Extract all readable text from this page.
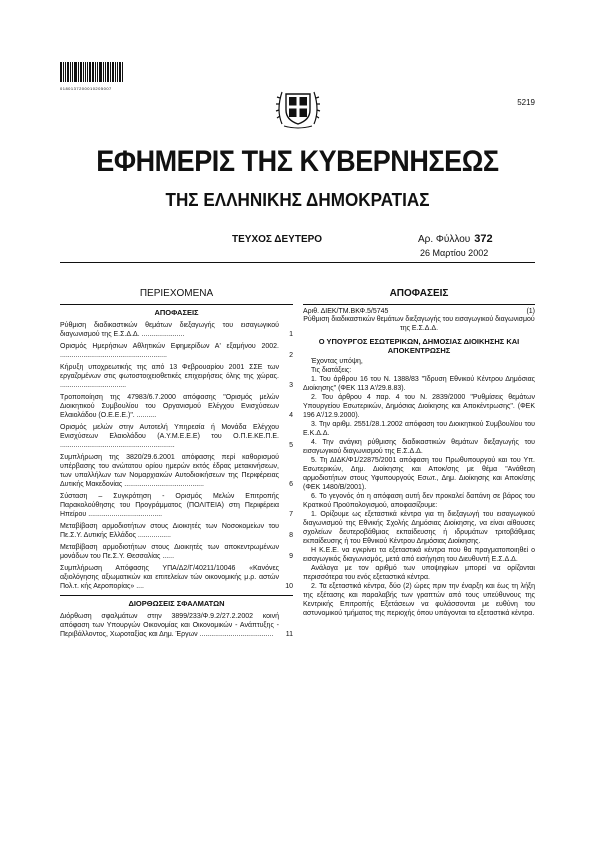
0180137200010205007
5219
ΕΦΗΜΕΡΙΣ ΤΗΣ ΚΥΒΕΡΝΗΣΕΩΣ
ΤΗΣ ΕΛΛΗΝΙΚΗΣ ΔΗΜΟΚΡΑΤΙΑΣ
ΤΕΥΧΟΣ ΔΕΥΤΕΡΟ	Αρ. Φύλλου 372
26 Μαρτίου 2002
ΠΕΡΙΕΧΟΜΕΝΑ
ΑΠΟΦΑΣΕΙΣ
Ρύθμιση διαδικαστικών θεμάτων διεξαγωγής του εισαγωγικού διαγωνισμού της Ε.Σ.Δ.Δ. ......................	1
Ορισμός Ημερήσιων Αθλητικών Εφημερίδων Α' εξαμήνου 2002. .......................................................	2
Κήρυξη υποχρεωτικής της από 13 Φεβρουαρίου 2001 ΣΣΕ των εργαζομένων στις φωτοστοιχειοθετικές επιχειρήσεις όλης της χώρας. ..................................	3
Τροποποίηση της 47983/6.7.2000 απόφασης "Ορισμός μελών Διοικητικού Συμβουλίου του Οργανισμού Ελέγχου Ενισχύσεων Ελαιολάδου (Ο.Ε.Ε.Ε.)". ..........	4
Ορισμός μελών στην Αυτοτελή Υπηρεσία ή Μονάδα Ελέγχου Ενισχύσεων Ελαιολάδου (Α.Υ.Μ.Ε.Ε.Ε) του Ο.Π.Ε.ΚΕ.Π.Ε. ...........................................................	5
Συμπλήρωση της 3820/29.6.2001 απόφασης περί καθορισμού υπέρβασης του ανώτατου ορίου ημερών εκτός έδρας μετακινήσεων, των υπαλλήλων των Νομαρχιακών Αυτοδιοικήσεων της Περιφέρειας Δυτικής Μακεδονίας .........................................	6
Σύσταση – Συγκρότηση - Ορισμός Μελών Επιτροπής Παρακολούθησης του Προγράμματος (ΠΟΛΙΤΕΙΑ) στη Περιφέρεια Ηπείρου ......................................	7
Μεταβίβαση αρμοδιοτήτων στους Διοικητές των Νοσοκομείων του Πε.Σ.Υ. Δυτικής Ελλάδος .................	8
Μεταβίβαση αρμοδιοτήτων στους Διοικητές των αποκεντρωμένων μονάδων του Πε.Σ.Υ. Θεσσαλίας ......	9
Συμπλήρωση Απόφασης ΥΠΑ/Δ2/Γ/40211/10046 «Κανόνες αξιολόγησης αξιωματικών και επιτελείων τών οικονομικής μ.ρ. αστών Πολ.τ. κής Αεροπορίας» ....	10
ΔΙΟΡΘΩΣΕΙΣ ΣΦΑΛΜΑΤΩΝ
Διόρθωση σφαλμάτων στην 3899/233/Φ.9.2/27.2.2002 κοινή απόφαση των Υπουργών Οικονομίας και Οικονομικών - Ανάπτυξης - Περιβάλλοντος, Χωροταξίας και Δημ. Έργων ......................................	11
ΑΠΟΦΑΣΕΙΣ
Αριθ. ΔΙΕΚ/ΤΜ.ΒΚΦ.5/5745	(1)
Ρύθμιση διαδικαστικών θεμάτων διεξαγωγής του εισαγωγικού διαγωνισμού της Ε.Σ.Δ.Δ.
Ο ΥΠΟΥΡΓΟΣ ΕΣΩΤΕΡΙΚΩΝ, ΔΗΜΟΣΙΑΣ ΔΙΟΙΚΗΣΗΣ ΚΑΙ ΑΠΟΚΕΝΤΡΩΣΗΣ

Έχοντας υπόψη,

Τις διατάξεις:

1. Του άρθρου 16 του Ν. 1388/83 "Ίδρυση Εθνικού Κέντρου Δημόσιας Διοίκησης" (ΦΕΚ 113 Α'/29.8.83).

2. Του άρθρου 4 παρ. 4 του Ν. 2839/2000 "Ρυθμίσεις θεμάτων Υπουργείου Εσωτερικών, Δημόσιας Διοίκησης και Αποκέντρωσης". (ΦΕΚ 196 Α'/12.9.2000).

3. Την αριθμ. 2551/28.1.2002 απόφαση του Διοικητικού Συμβουλίου του Ε.Κ.Δ.Δ.

4. Την ανάγκη ρύθμισης διαδικαστικών θεμάτων διεξαγωγής του εισαγωγικού διαγωνισμού της Ε.Σ.Δ.Δ.

5. Τη ΔΙΔΚ/Φ1/22875/2001 απόφαση του Πρωθυπουργού και του Υπ. Εσωτερικών, Δημ. Διοίκησης και Αποκ/σης με θέμα "Ανάθεση αρμοδιοτήτων στους Υφυπουργούς Εσωτ., Δημ. Διοίκησης και Αποκ/σης (ΦΕΚ 1480/Β/2001).

6. Το γεγονός ότι η απόφαση αυτή δεν προκαλεί δαπάνη σε βάρος του Κρατικού Προϋπολογισμού, αποφασίζουμε:

1. Ορίζουμε ως εξεταστικά κέντρα για τη διεξαγωγή του εισαγωγικού διαγωνισμού της Εθνικής Σχολής Δημόσιας Διοίκησης, να είναι αίθουσες σχολείων δευτεροβάθμιας εκπαίδευσης ή ιδρυμάτων τριτοβάθμιας εκπαίδευσης ή του Εθνικού Κέντρου Δημόσιας Διοίκησης.

Η Κ.Ε.Ε. να εγκρίνει τα εξεταστικά κέντρα που θα πραγματοποιηθεί ο εισαγωγικός διαγωνισμός, μετά από εισήγηση του Διευθυντή Ε.Σ.Δ.Δ.

Ανάλογα με τον αριθμό των υποψηφίων μπορεί να ορίζονται περισσότερα του ενός εξεταστικά κέντρα.

2. Τα εξεταστικά κέντρα, δύο (2) ώρες πριν την έναρξη και έως τη λήξη της εξέτασης και παραλαβής των γραπτών από τους υπεύθυνους της Κεντρικής Επιτροπής Εξετάσεων να φυλάσσονται με ευθύνη του αστυνομικού τμήματος της περιοχής όπου υπάγονται τα εξεταστικά κέντρα.
